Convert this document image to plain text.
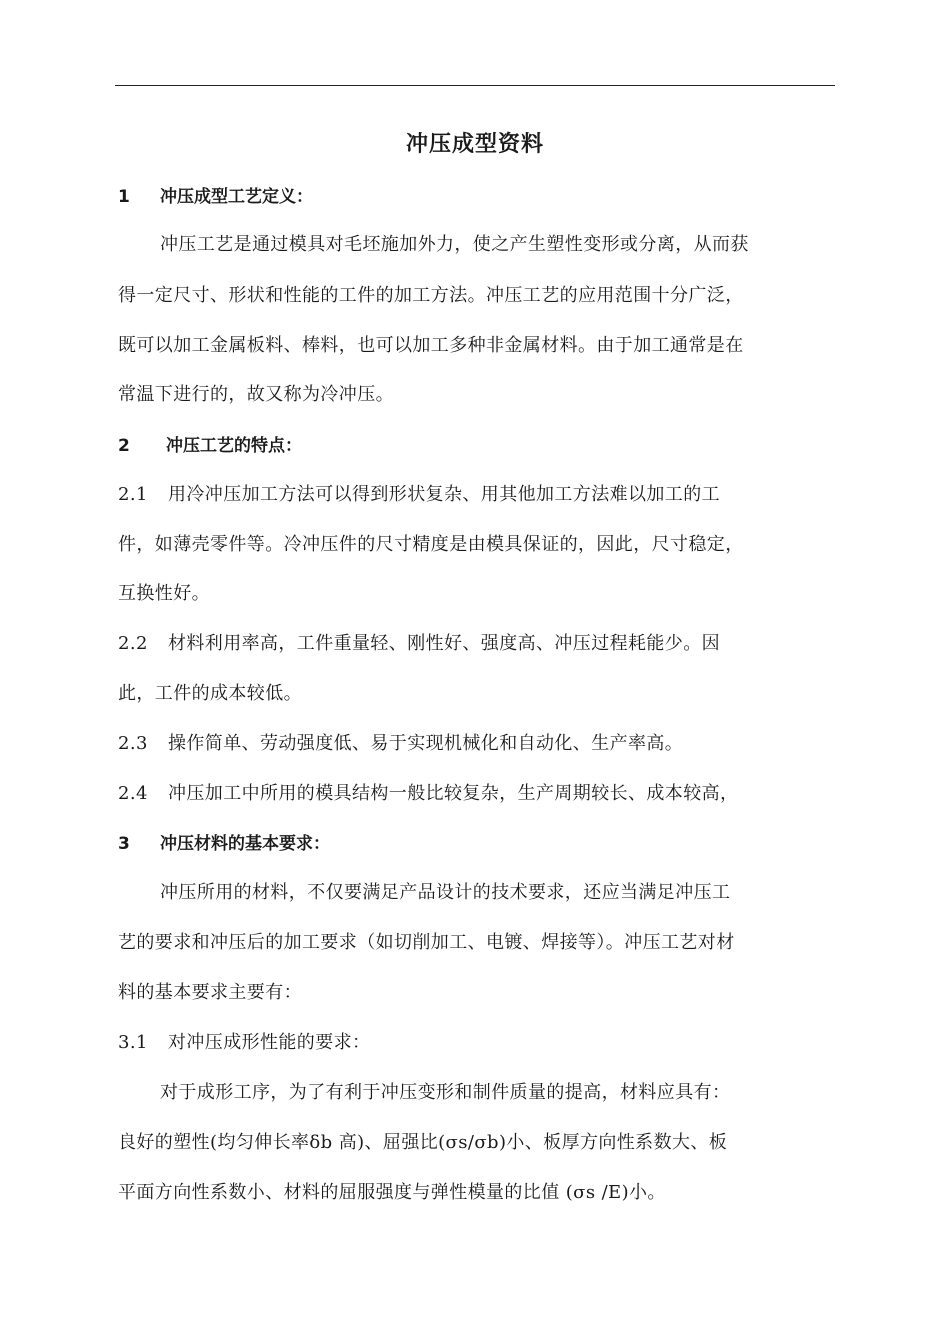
冲压成型资料
1 冲压成型工艺定义：
冲压工艺是通过模具对毛坯施加外力，使之产生塑性变形或分离，从而获
得一定尺寸、形状和性能的工件的加工方法。冲压工艺的应用范围十分广泛，
既可以加工金属板料、棒料，也可以加工多种非金属材料。由于加工通常是在
常温下进行的，故又称为冷冲压。
2 冲压工艺的特点：
2.1 用冷冲压加工方法可以得到形状复杂、用其他加工方法难以加工的工
件，如薄壳零件等。冷冲压件的尺寸精度是由模具保证的，因此，尺寸稳定，
互换性好。
2.2 材料利用率高，工件重量轻、刚性好、强度高、冲压过程耗能少。因
此，工件的成本较低。
2.3 操作简单、劳动强度低、易于实现机械化和自动化、生产率高。
2.4 冲压加工中所用的模具结构一般比较复杂，生产周期较长、成本较高，
3 冲压材料的基本要求：
冲压所用的材料，不仅要满足产品设计的技术要求，还应当满足冲压工
艺的要求和冲压后的加工要求（如切削加工、电镀、焊接等）。冲压工艺对材
料的基本要求主要有：
3.1 对冲压成形性能的要求：
对于成形工序，为了有利于冲压变形和制件质量的提高，材料应具有：
良好的塑性(均匀伸长率δb 高)、屈强比(σs/σb)小、板厚方向性系数大、板
平面方向性系数小、材料的屈服强度与弹性模量的比值 (σs /E)小。
